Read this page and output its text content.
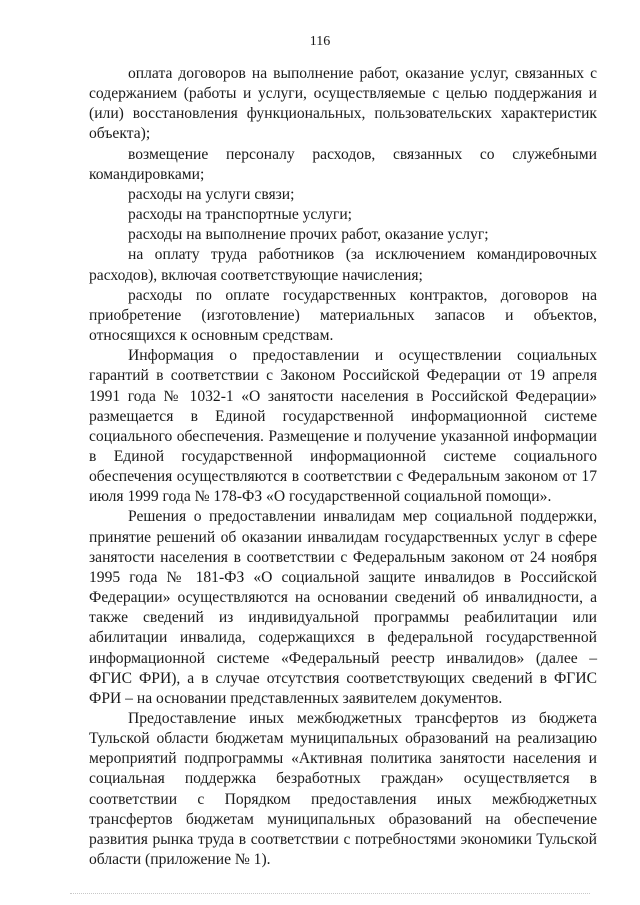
116

оплата договоров на выполнение работ, оказание услуг, связанных с содержанием (работы и услуги, осуществляемые с целью поддержания и (или) восстановления функциональных, пользовательских характеристик объекта);

возмещение персоналу расходов, связанных со служебными командировками;

расходы на услуги связи;

расходы на транспортные услуги;

расходы на выполнение прочих работ, оказание услуг;

на оплату труда работников (за исключением командировочных расходов), включая соответствующие начисления;

расходы по оплате государственных контрактов, договоров на приобретение (изготовление) материальных запасов и объектов, относящихся к основным средствам.

Информация о предоставлении и осуществлении социальных гарантий в соответствии с Законом Российской Федерации от 19 апреля 1991 года № 1032-1 «О занятости населения в Российской Федерации» размещается в Единой государственной информационной системе социального обеспечения. Размещение и получение указанной информации в Единой государственной информационной системе социального обеспечения осуществляются в соответствии с Федеральным законом от 17 июля 1999 года № 178-ФЗ «О государственной социальной помощи».

Решения о предоставлении инвалидам мер социальной поддержки, принятие решений об оказании инвалидам государственных услуг в сфере занятости населения в соответствии с Федеральным законом от 24 ноября 1995 года № 181-ФЗ «О социальной защите инвалидов в Российской Федерации» осуществляются на основании сведений об инвалидности, а также сведений из индивидуальной программы реабилитации или абилитации инвалида, содержащихся в федеральной государственной информационной системе «Федеральный реестр инвалидов» (далее – ФГИС ФРИ), а в случае отсутствия соответствующих сведений в ФГИС ФРИ – на основании представленных заявителем документов.

Предоставление иных межбюджетных трансфертов из бюджета Тульской области бюджетам муниципальных образований на реализацию мероприятий подпрограммы «Активная политика занятости населения и социальная поддержка безработных граждан» осуществляется в соответствии с Порядком предоставления иных межбюджетных трансфертов бюджетам муниципальных образований на обеспечение развития рынка труда в соответствии с потребностями экономики Тульской области (приложение № 1).
